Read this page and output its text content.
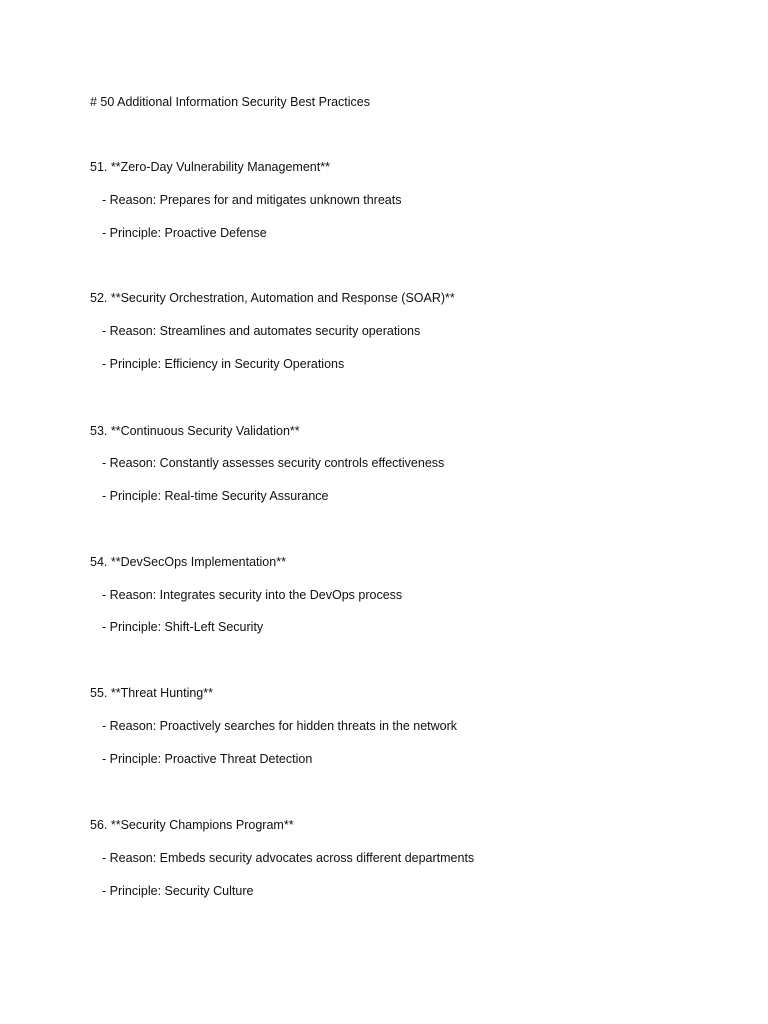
# 50 Additional Information Security Best Practices
51. **Zero-Day Vulnerability Management**
- Reason: Prepares for and mitigates unknown threats
- Principle: Proactive Defense
52. **Security Orchestration, Automation and Response (SOAR)**
- Reason: Streamlines and automates security operations
- Principle: Efficiency in Security Operations
53. **Continuous Security Validation**
- Reason: Constantly assesses security controls effectiveness
- Principle: Real-time Security Assurance
54. **DevSecOps Implementation**
- Reason: Integrates security into the DevOps process
- Principle: Shift-Left Security
55. **Threat Hunting**
- Reason: Proactively searches for hidden threats in the network
- Principle: Proactive Threat Detection
56. **Security Champions Program**
- Reason: Embeds security advocates across different departments
- Principle: Security Culture
